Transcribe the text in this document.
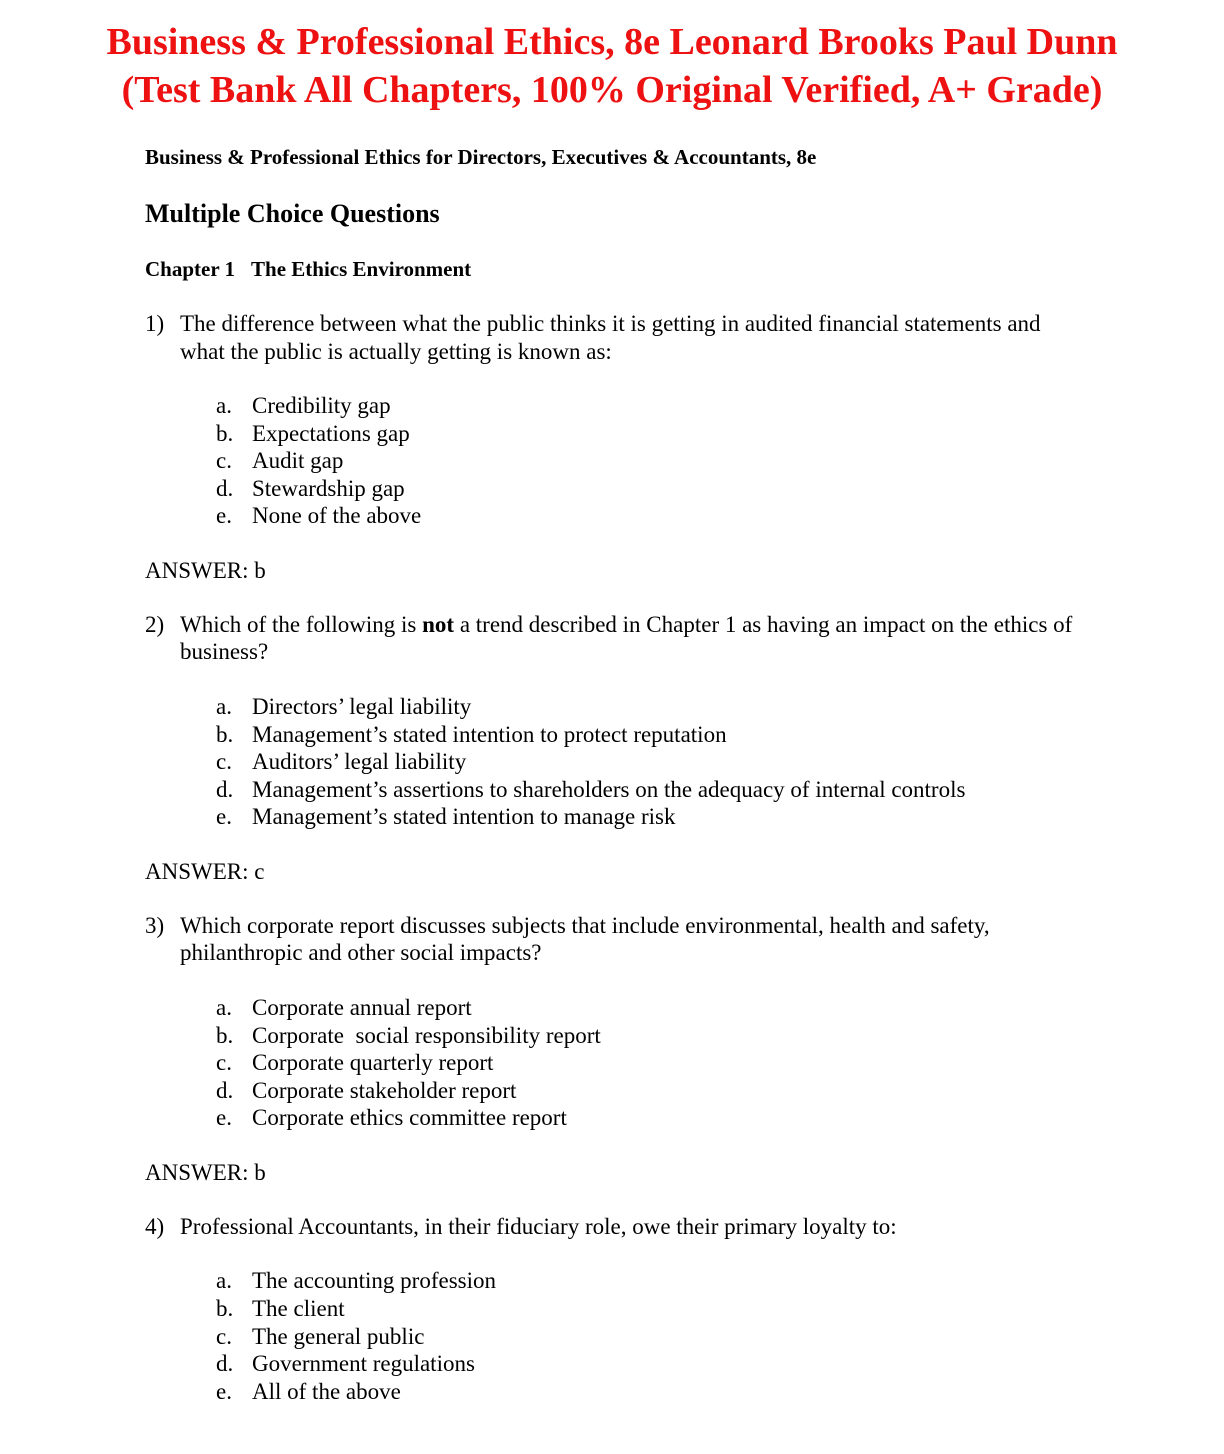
Business & Professional Ethics, 8e Leonard Brooks Paul Dunn
(Test Bank All Chapters, 100% Original Verified, A+ Grade)
Business & Professional Ethics for Directors, Executives & Accountants, 8e
Multiple Choice Questions
Chapter 1 The Ethics Environment
1) The difference between what the public thinks it is getting in audited financial statements and what the public is actually getting is known as:
a. Credibility gap
b. Expectations gap
c. Audit gap
d. Stewardship gap
e. None of the above
ANSWER: b
2) Which of the following is not a trend described in Chapter 1 as having an impact on the ethics of business?
a. Directors’ legal liability
b. Management’s stated intention to protect reputation
c. Auditors’ legal liability
d. Management’s assertions to shareholders on the adequacy of internal controls
e. Management’s stated intention to manage risk
ANSWER: c
3) Which corporate report discusses subjects that include environmental, health and safety, philanthropic and other social impacts?
a. Corporate annual report
b. Corporate  social responsibility report
c. Corporate quarterly report
d. Corporate stakeholder report
e. Corporate ethics committee report
ANSWER: b
4) Professional Accountants, in their fiduciary role, owe their primary loyalty to:
a. The accounting profession
b. The client
c. The general public
d. Government regulations
e. All of the above
